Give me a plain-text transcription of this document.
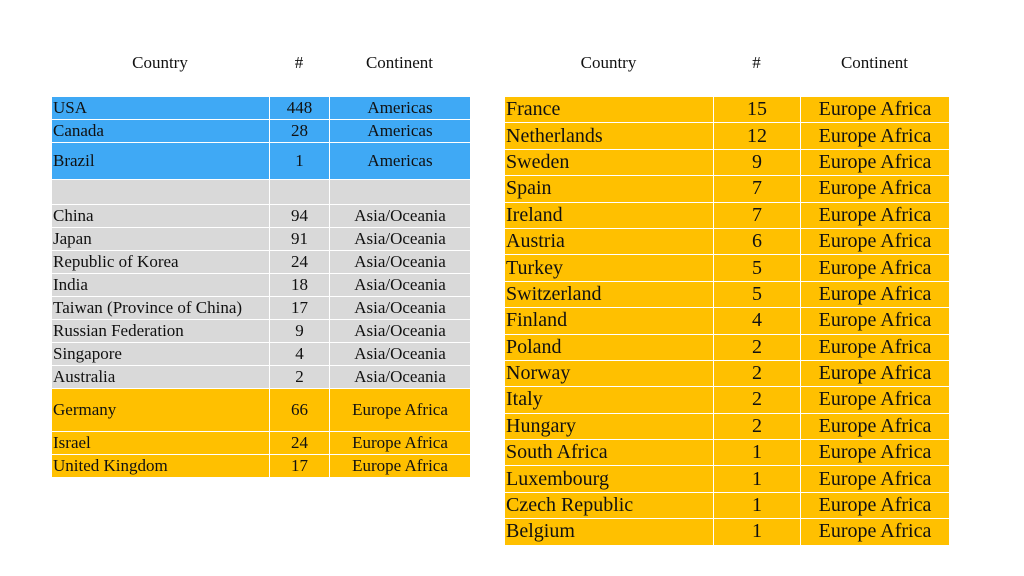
Country	#	Continent	Country	#	Continent
USA	448	Americas
Canada	28	Americas
Brazil	1	Americas

China	94	Asia/Oceania
Japan	91	Asia/Oceania
Republic of Korea	24	Asia/Oceania
India	18	Asia/Oceania
Taiwan (Province of China)	17	Asia/Oceania
Russian Federation	9	Asia/Oceania
Singapore	4	Asia/Oceania
Australia	2	Asia/Oceania
Germany	66	Europe Africa
Israel	24	Europe Africa
United Kingdom	17	Europe Africa
France	15	Europe Africa
Netherlands	12	Europe Africa
Sweden	9	Europe Africa
Spain	7	Europe Africa
Ireland	7	Europe Africa
Austria	6	Europe Africa
Turkey	5	Europe Africa
Switzerland	5	Europe Africa
Finland	4	Europe Africa
Poland	2	Europe Africa
Norway	2	Europe Africa
Italy	2	Europe Africa
Hungary	2	Europe Africa
South Africa	1	Europe Africa
Luxembourg	1	Europe Africa
Czech Republic	1	Europe Africa
Belgium	1	Europe Africa
